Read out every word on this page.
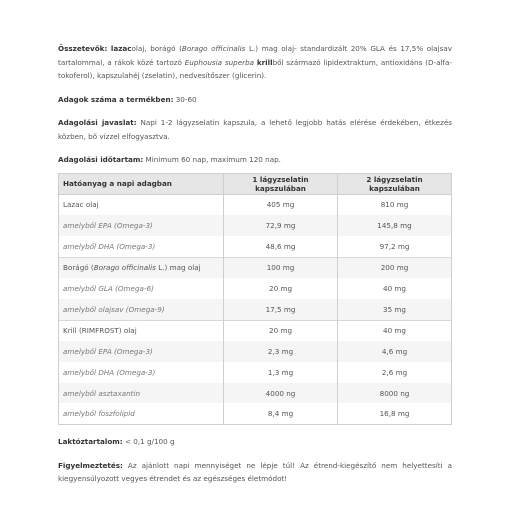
Összetevők: lazacolaj, borágó (Borago officinalis L.) mag olaj- standardizált 20% GLA és 17,5% olajsav tartalommal, a rákok közé tartozó Euphousia superba krillből származó lipidextraktum, antioxidáns (D-alfa-tokoferol), kapszulahéj (zselatin), nedvesítőszer (glicerin).

Adagok száma a termékben: 30-60

Adagolási javaslat: Napi 1-2 lágyzselatin kapszula, a lehető legjobb hatás elérése érdekében, étkezés közben, bő vízzel elfogyasztva.

Adagolási időtartam: Minimum 60 nap, maximum 120 nap.

Hatóanyag a napi adagban	1 lágyzselatin kapszulában	2 lágyzselatin kapszulában
Lazac olaj	405 mg	810 mg
amelyből EPA (Omega-3)	72,9 mg	145,8 mg
amelyből DHA (Omega-3)	48,6 mg	97,2 mg
Borágó (Borago officinalis L.) mag olaj	100 mg	200 mg
amelyből GLA (Omega-6)	20 mg	40 mg
amelyből olajsav (Omega-9)	17,5 mg	35 mg
Krill (RIMFROST) olaj	20 mg	40 mg
amelyből EPA (Omega-3)	2,3 mg	4,6 mg
amelyből DHA (Omega-3)	1,3 mg	2,6 mg
amelyből asztaxantin	4000 ng	8000 ng
amelyből foszfolipid	8,4 mg	16,8 mg

Laktóztartalom: < 0,1 g/100 g

Figyelmeztetés: Az ajánlott napi mennyiséget ne lépje túl! Az étrend-kiegészítő nem helyettesíti a kiegyensúlyozott vegyes étrendet és az egészséges életmódot!
